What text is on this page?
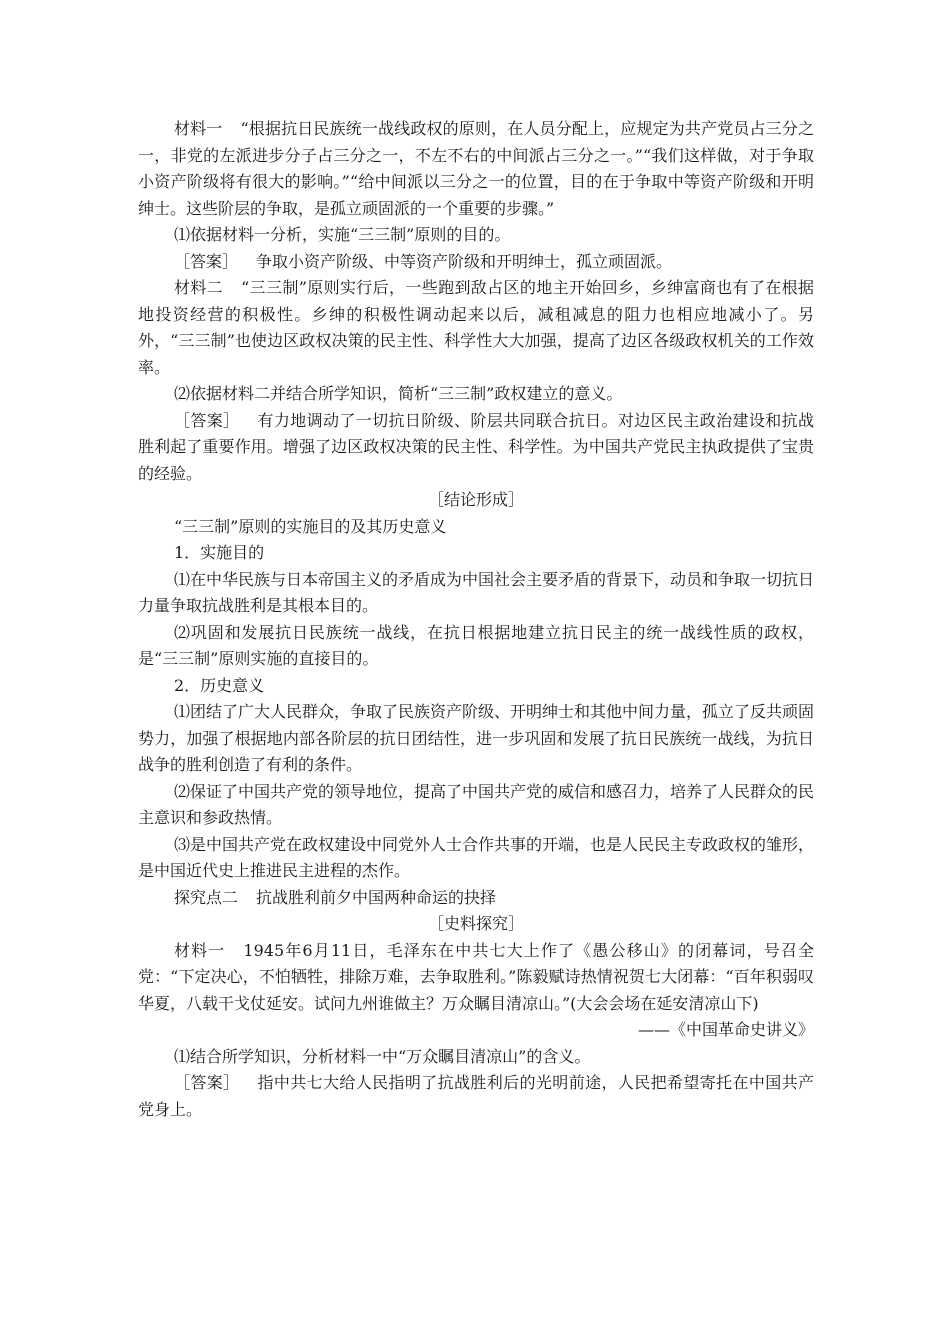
材料一 “根据抗日民族统一战线政权的原则，在人员分配上，应规定为共产党员占三分之一，非党的左派进步分子占三分之一，不左不右的中间派占三分之一。”“我们这样做，对于争取小资产阶级将有很大的影响。”“给中间派以三分之一的位置，目的在于争取中等资产阶级和开明绅士。这些阶层的争取，是孤立顽固派的一个重要的步骤。”

⑴依据材料一分析，实施“三三制”原则的目的。

［答案］ 争取小资产阶级、中等资产阶级和开明绅士，孤立顽固派。

材料二 “三三制”原则实行后，一些跑到敌占区的地主开始回乡，乡绅富商也有了在根据地投资经营的积极性。乡绅的积极性调动起来以后，减租减息的阻力也相应地减小了。另外，“三三制”也使边区政权决策的民主性、科学性大大加强，提高了边区各级政权机关的工作效率。

⑵依据材料二并结合所学知识，简析“三三制”政权建立的意义。

［答案］ 有力地调动了一切抗日阶级、阶层共同联合抗日。对边区民主政治建设和抗战胜利起了重要作用。增强了边区政权决策的民主性、科学性。为中国共产党民主执政提供了宝贵的经验。

［结论形成］

“三三制”原则的实施目的及其历史意义

1．实施目的

⑴在中华民族与日本帝国主义的矛盾成为中国社会主要矛盾的背景下，动员和争取一切抗日力量争取抗战胜利是其根本目的。

⑵巩固和发展抗日民族统一战线，在抗日根据地建立抗日民主的统一战线性质的政权，是“三三制”原则实施的直接目的。

2．历史意义

⑴团结了广大人民群众，争取了民族资产阶级、开明绅士和其他中间力量，孤立了反共顽固势力，加强了根据地内部各阶层的抗日团结性，进一步巩固和发展了抗日民族统一战线，为抗日战争的胜利创造了有利的条件。

⑵保证了中国共产党的领导地位，提高了中国共产党的威信和感召力，培养了人民群众的民主意识和参政热情。

⑶是中国共产党在政权建设中同党外人士合作共事的开端，也是人民民主专政政权的雏形，是中国近代史上推进民主进程的杰作。

探究点二 抗战胜利前夕中国两种命运的抉择

［史料探究］

材料一 1945年6月11日，毛泽东在中共七大上作了《愚公移山》的闭幕词，号召全党：“下定决心，不怕牺牲，排除万难，去争取胜利。”陈毅赋诗热情祝贺七大闭幕：“百年积弱叹华夏，八载干戈仗延安。试问九州谁做主？万众瞩目清凉山。”(大会会场在延安清凉山下)

——《中国革命史讲义》

⑴结合所学知识，分析材料一中“万众瞩目清凉山”的含义。

［答案］ 指中共七大给人民指明了抗战胜利后的光明前途，人民把希望寄托在中国共产党身上。
